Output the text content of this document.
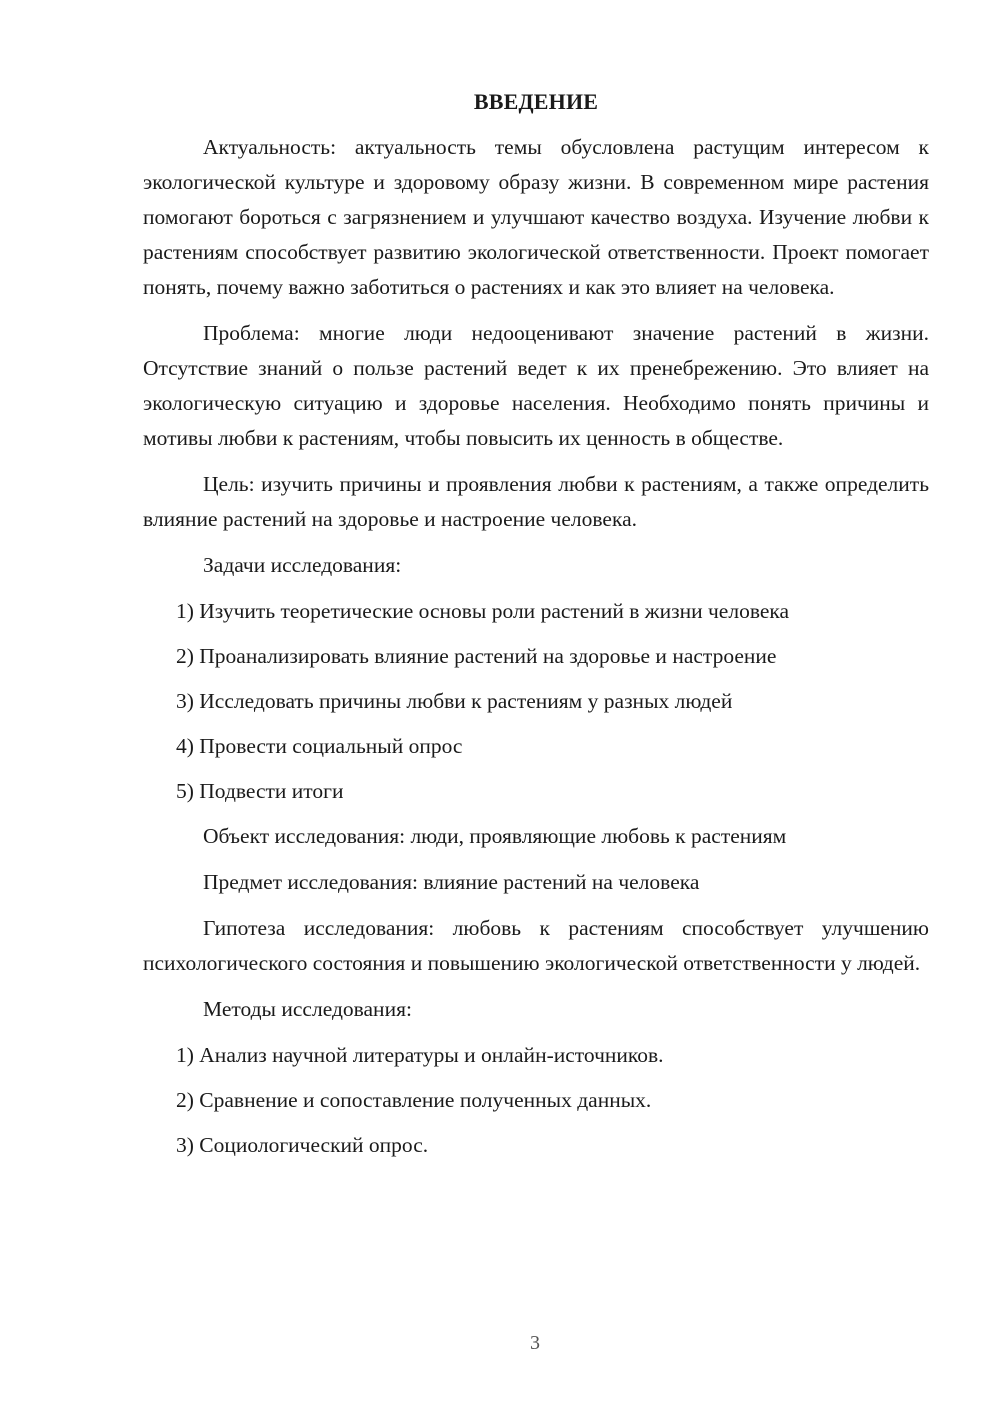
ВВЕДЕНИЕ

Актуальность: актуальность темы обусловлена растущим интересом к экологической культуре и здоровому образу жизни. В современном мире растения помогают бороться с загрязнением и улучшают качество воздуха. Изучение любви к растениям способствует развитию экологической ответственности. Проект помогает понять, почему важно заботиться о растениях и как это влияет на человека.

Проблема: многие люди недооценивают значение растений в жизни. Отсутствие знаний о пользе растений ведет к их пренебрежению. Это влияет на экологическую ситуацию и здоровье населения. Необходимо понять причины и мотивы любви к растениям, чтобы повысить их ценность в обществе.

Цель: изучить причины и проявления любви к растениям, а также определить влияние растений на здоровье и настроение человека.

Задачи исследования:

1) Изучить теоретические основы роли растений в жизни человека
2) Проанализировать влияние растений на здоровье и настроение
3) Исследовать причины любви к растениям у разных людей
4) Провести социальный опрос
5) Подвести итоги

Объект исследования: люди, проявляющие любовь к растениям

Предмет исследования: влияние растений на человека

Гипотеза исследования: любовь к растениям способствует улучшению психологического состояния и повышению экологической ответственности у людей.

Методы исследования:

1) Анализ научной литературы и онлайн-источников.
2) Сравнение и сопоставление полученных данных.
3) Социологический опрос.
3
